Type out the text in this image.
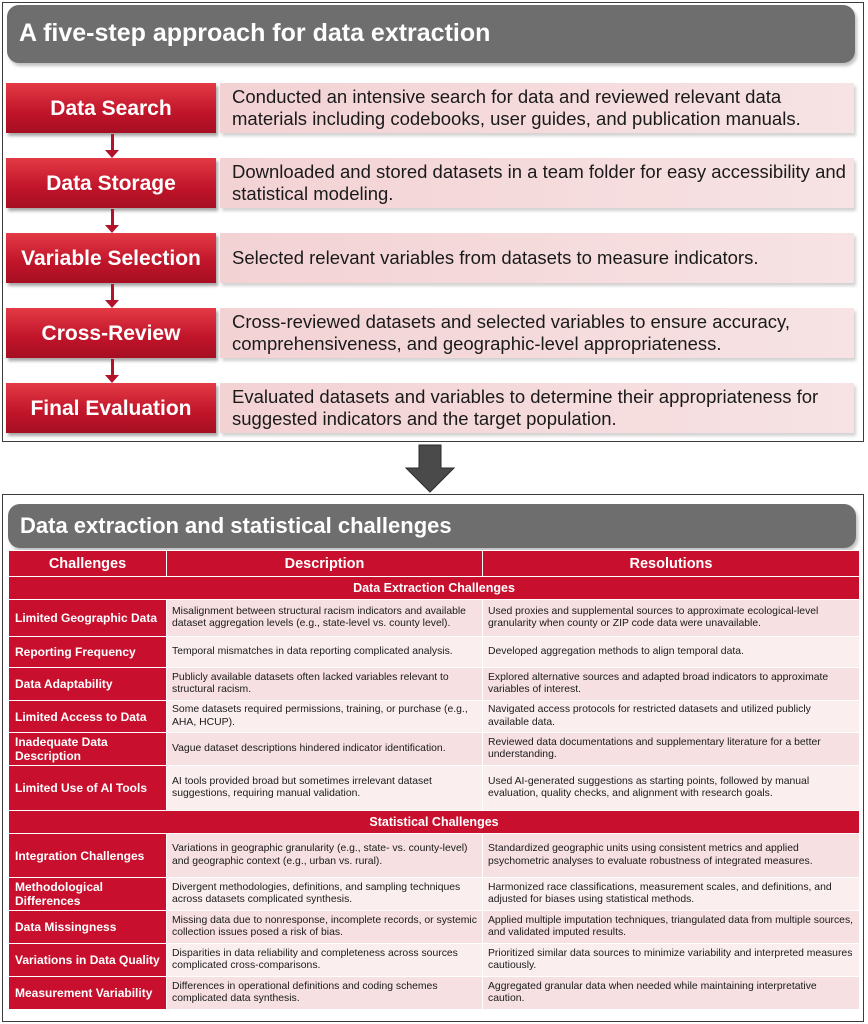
A five-step approach for data extraction
Data Search	Conducted an intensive search for data and reviewed relevant data materials including codebooks, user guides, and publication manuals.
Data Storage	Downloaded and stored datasets in a team folder for easy accessibility and statistical modeling.
Variable Selection	Selected relevant variables from datasets to measure indicators.
Cross-Review	Cross-reviewed datasets and selected variables to ensure accuracy, comprehensiveness, and geographic-level appropriateness.
Final Evaluation	Evaluated datasets and variables to determine their appropriateness for suggested indicators and the target population.
Data extraction and statistical challenges
Challenges	Description	Resolutions
Data Extraction Challenges		
Limited Geographic Data	Misalignment between structural racism indicators and available dataset aggregation levels (e.g., state-level vs. county level).	Used proxies and supplemental sources to approximate ecological-level granularity when county or ZIP code data were unavailable.
Reporting Frequency	Temporal mismatches in data reporting complicated analysis.	Developed aggregation methods to align temporal data.
Data Adaptability	Publicly available datasets often lacked variables relevant to structural racism.	Explored alternative sources and adapted broad indicators to approximate variables of interest.
Limited Access to Data	Some datasets required permissions, training, or purchase (e.g., AHA, HCUP).	Navigated access protocols for restricted datasets and utilized publicly available data.
Inadequate Data Description	Vague dataset descriptions hindered indicator identification.	Reviewed data documentations and supplementary literature for a better understanding.
Limited Use of AI Tools	AI tools provided broad but sometimes irrelevant dataset suggestions, requiring manual validation.	Used AI-generated suggestions as starting points, followed by manual evaluation, quality checks, and alignment with research goals.
Statistical Challenges		
Integration Challenges	Variations in geographic granularity (e.g., state- vs. county-level) and geographic context (e.g., urban vs. rural).	Standardized geographic units using consistent metrics and applied psychometric analyses to evaluate robustness of integrated measures.
Methodological Differences	Divergent methodologies, definitions, and sampling techniques across datasets complicated synthesis.	Harmonized race classifications, measurement scales, and definitions, and adjusted for biases using statistical methods.
Data Missingness	Missing data due to nonresponse, incomplete records, or systemic collection issues posed a risk of bias.	Applied multiple imputation techniques, triangulated data from multiple sources, and validated imputed results.
Variations in Data Quality	Disparities in data reliability and completeness across sources complicated cross-comparisons.	Prioritized similar data sources to minimize variability and interpreted measures cautiously.
Measurement Variability	Differences in operational definitions and coding schemes complicated data synthesis.	Aggregated granular data when needed while maintaining interpretative caution.
